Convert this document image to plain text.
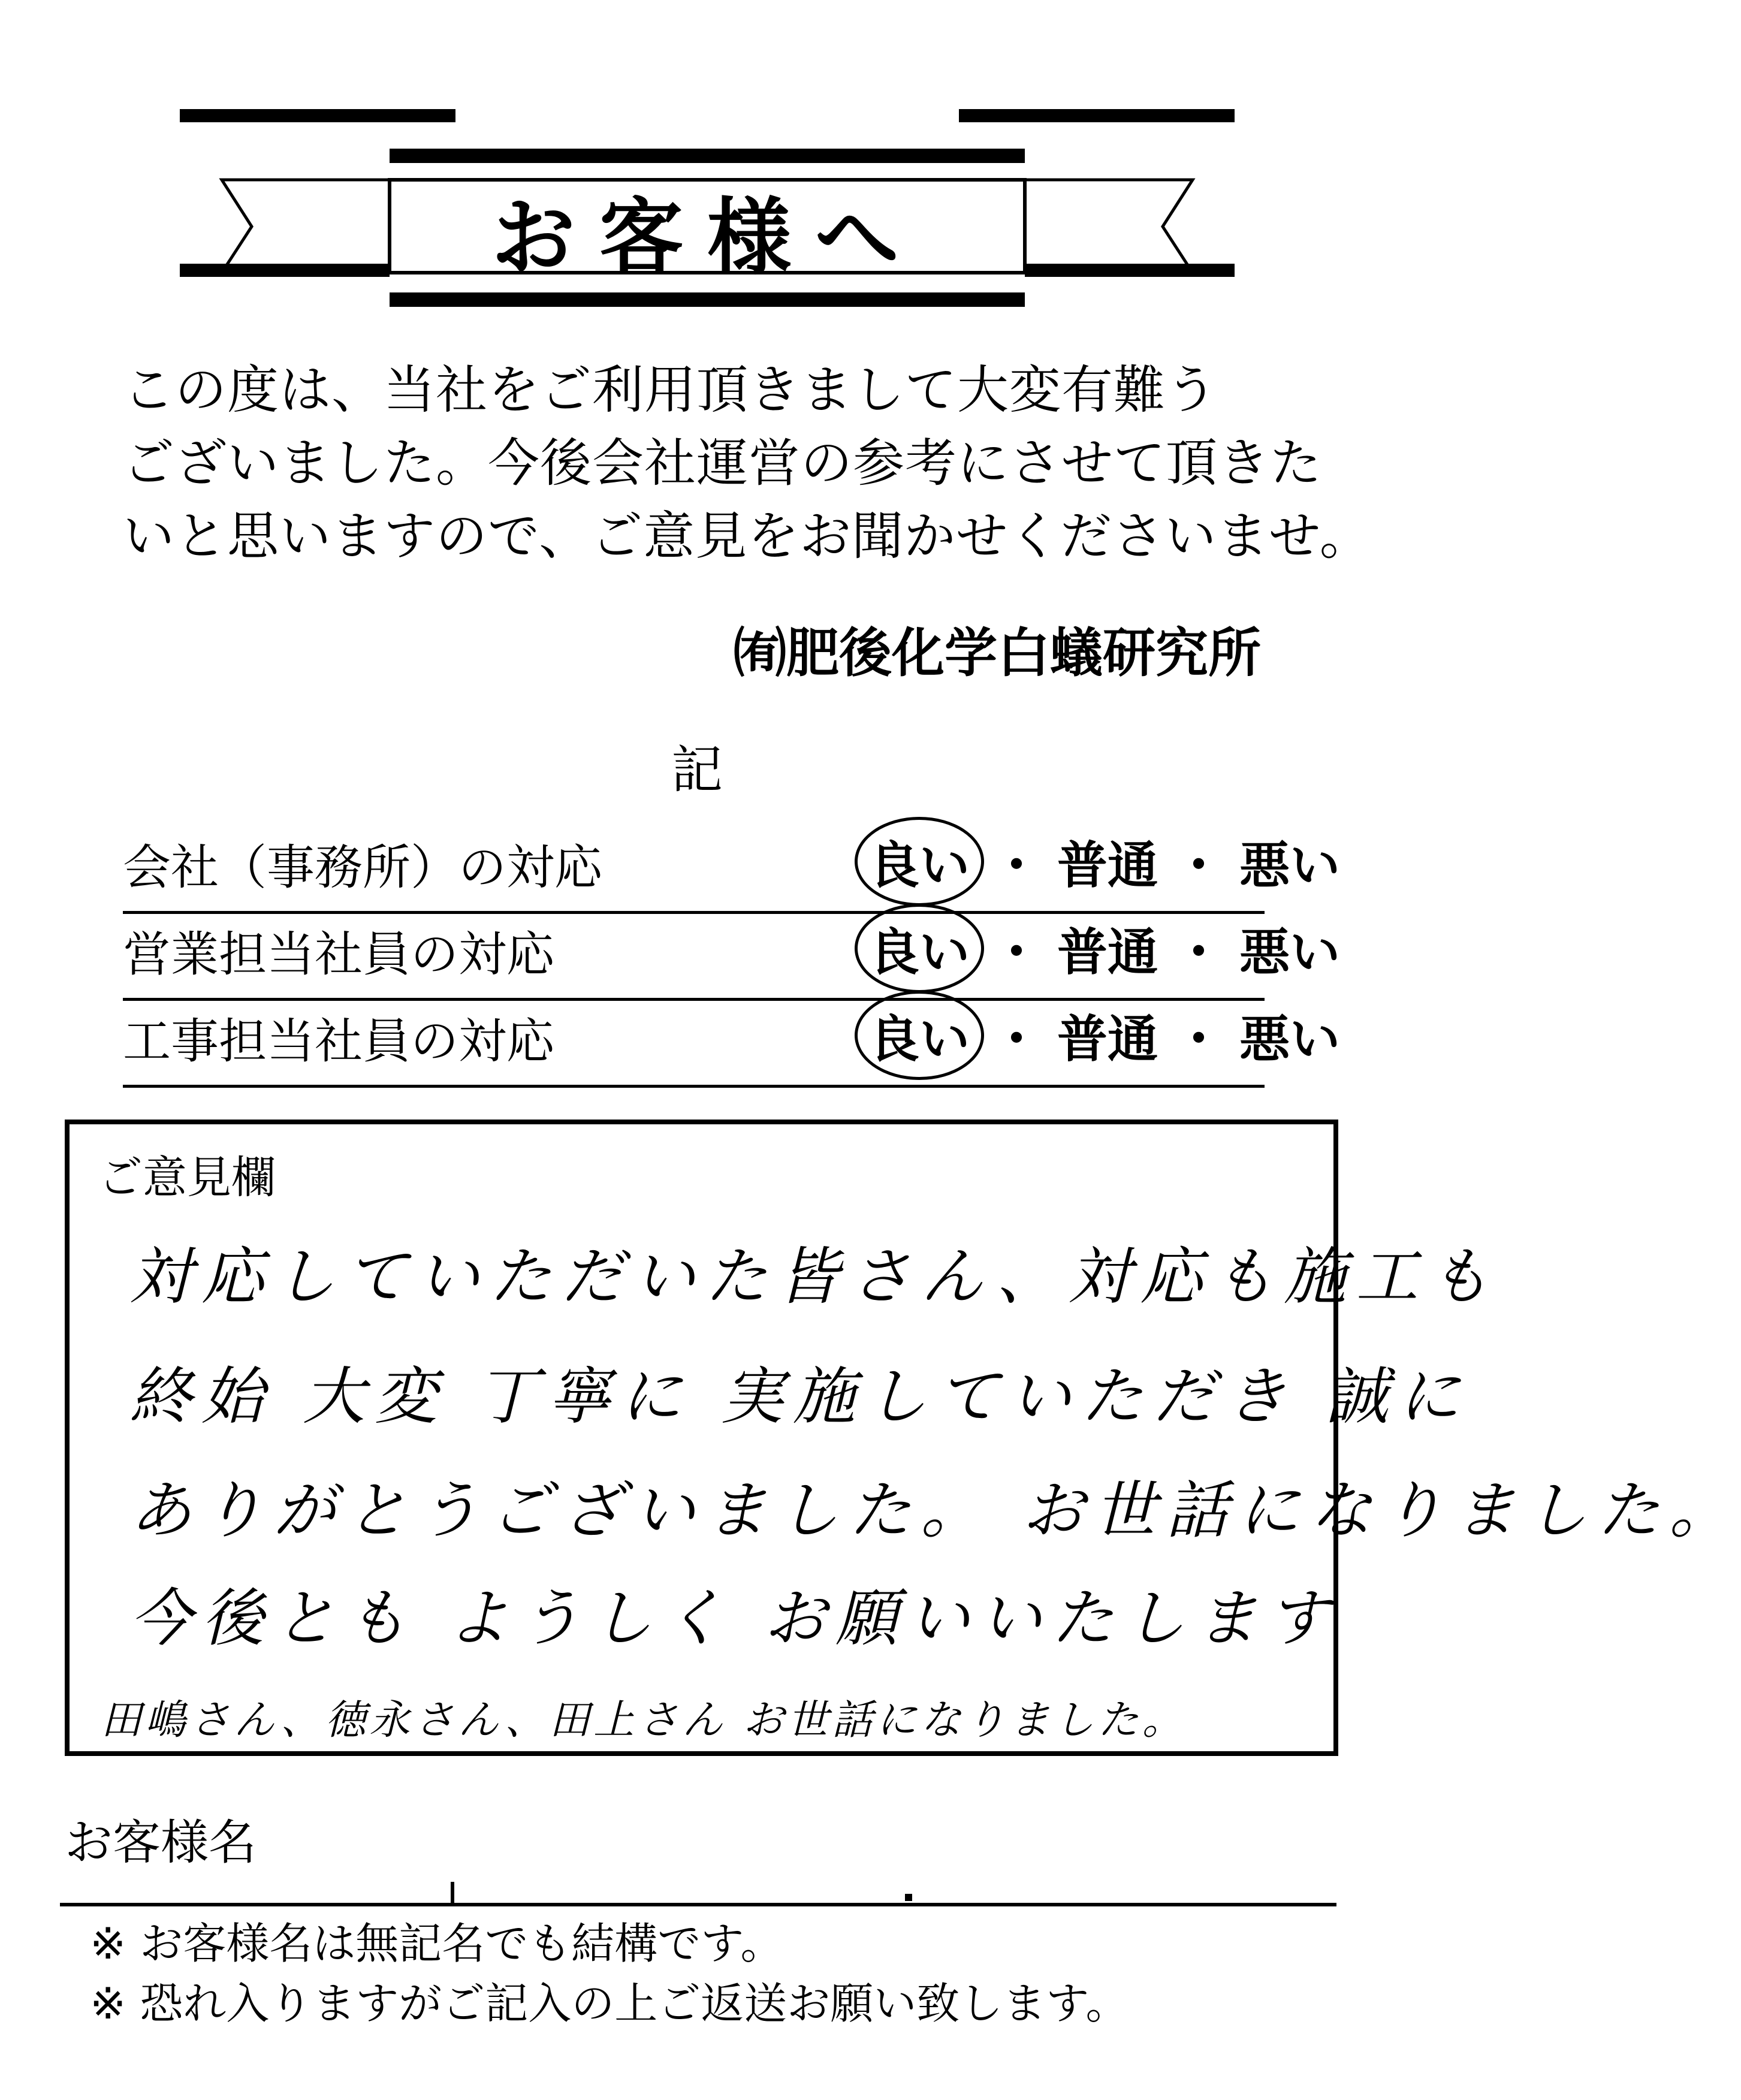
お客様へ
この度は、当社をご利用頂きまして大変有難う
ございました。今後会社運営の参考にさせて頂きた
いと思いますので、ご意見をお聞かせくださいませ。
㈲肥後化学白蟻研究所
記
会社（事務所）の対応	良い ・ 普通 ・ 悪い
営業担当社員の対応	良い ・ 普通 ・ 悪い
工事担当社員の対応	良い ・ 普通 ・ 悪い
ご意見欄
対応していただいた皆さん、対応も施工も
終始 大変 丁寧に 実施していただき 誠に
ありがとうございました。 お世話になりました。
今後とも ようしく お願いいたします
田嶋さん、徳永さん、田上さん お世話になりました。
お客様名
※ お客様名は無記名でも結構です。
※ 恐れ入りますがご記入の上ご返送お願い致します。
